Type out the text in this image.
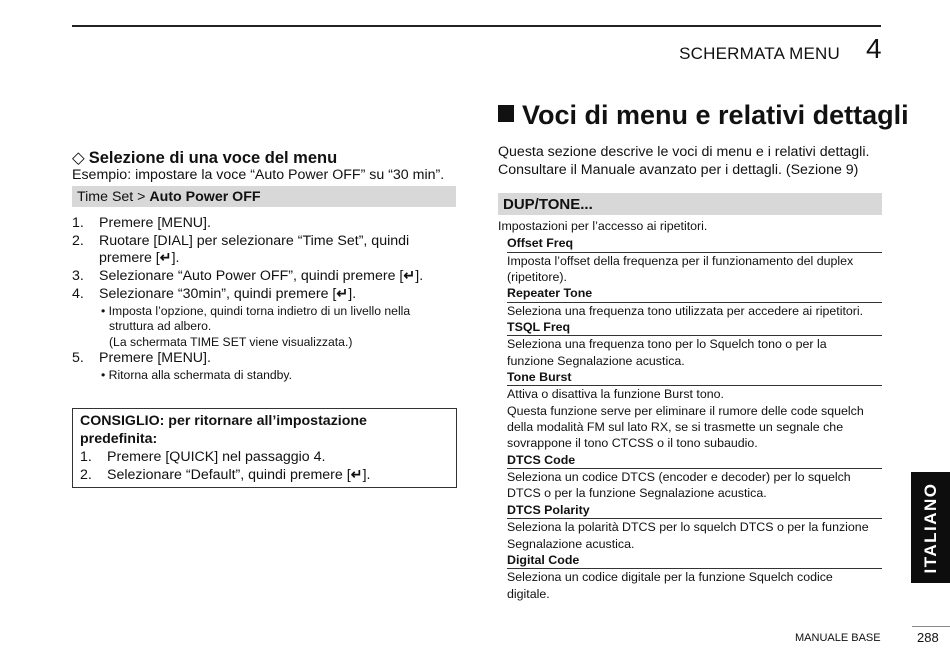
SCHERMATA MENU 4
◇ Selezione di una voce del menu
Esempio: impostare la voce “Auto Power OFF” su “30 min”.
Time Set > Auto Power OFF
1. Premere [MENU].
2. Ruotare [DIAL] per selezionare “Time Set”, quindi
premere [↵].
3. Selezionare “Auto Power OFF”, quindi premere [↵].
4. Selezionare “30min”, quindi premere [↵].
• Imposta l’opzione, quindi torna indietro di un livello nella
struttura ad albero.
(La schermata TIME SET viene visualizzata.)
5. Premere [MENU].
• Ritorna alla schermata di standby.
CONSIGLIO: per ritornare all’impostazione predefinita:
1. Premere [QUICK] nel passaggio 4.
2. Selezionare “Default”, quindi premere [↵].
Voci di menu e relativi dettagli
Questa sezione descrive le voci di menu e i relativi dettagli.
Consultare il Manuale avanzato per i dettagli. (Sezione 9)
DUP/TONE...
Impostazioni per l’accesso ai ripetitori.
Offset Freq
Imposta l’offset della frequenza per il funzionamento del duplex
(ripetitore).
Repeater Tone
Seleziona una frequenza tono utilizzata per accedere ai ripetitori.
TSQL Freq
Seleziona una frequenza tono per lo Squelch tono o per la
funzione Segnalazione acustica.
Tone Burst
Attiva o disattiva la funzione Burst tono.
Questa funzione serve per eliminare il rumore delle code squelch
della modalità FM sul lato RX, se si trasmette un segnale che
sovrappone il tono CTCSS o il tono subaudio.
DTCS Code
Seleziona un codice DTCS (encoder e decoder) per lo squelch
DTCS o per la funzione Segnalazione acustica.
DTCS Polarity
Seleziona la polarità DTCS per lo squelch DTCS o per la funzione
Segnalazione acustica.
Digital Code
Seleziona un codice digitale per la funzione Squelch codice
digitale.
ITALIANO
MANUALE BASE	288
